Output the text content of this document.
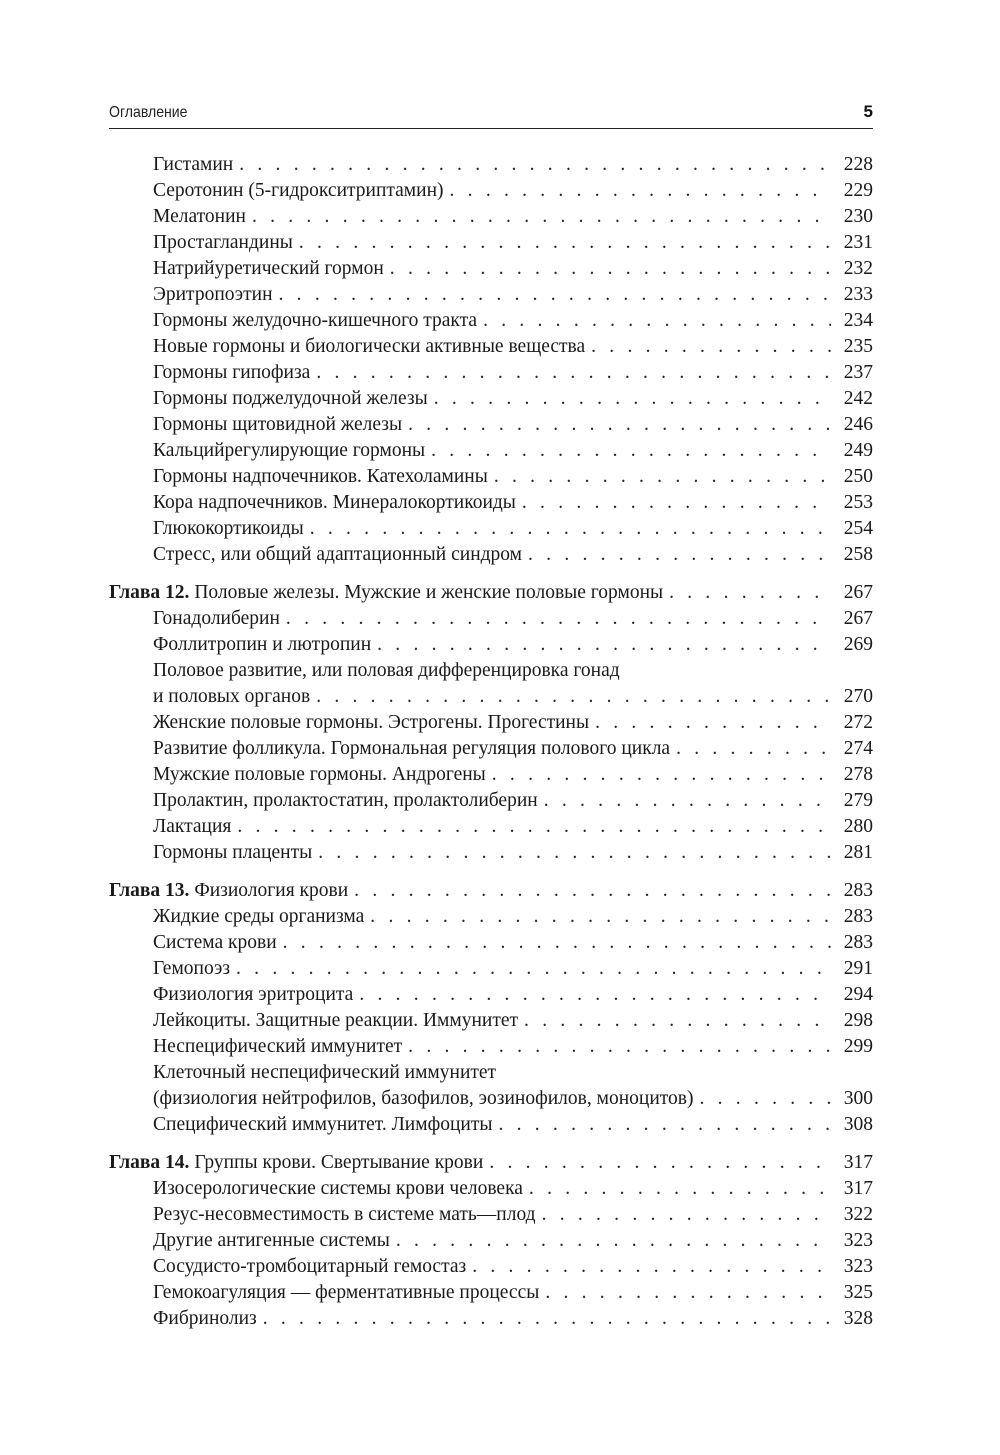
Оглавление	5
Гистамин . . .	228
Серотонин (5-гидрокситриптамин) . . .	229
Мелатонин . . .	230
Простагландины . . .	231
Натрийуретический гормон . . .	232
Эритропоэтин . . .	233
Гормоны желудочно-кишечного тракта . . .	234
Новые гормоны и биологически активные вещества . . .	235
Гормоны гипофиза . . .	237
Гормоны поджелудочной железы . . .	242
Гормоны щитовидной железы . . .	246
Кальцийрегулирующие гормоны . . .	249
Гормоны надпочечников. Катехоламины . . .	250
Кора надпочечников. Минералокортикоиды . . .	253
Глюкокортикоиды . . .	254
Стресс, или общий адаптационный синдром . . .	258
Глава 12. Половые железы. Мужские и женские половые гормоны . . .	267
Гонадолиберин . . .	267
Фоллитропин и лютропин . . .	269
Половое развитие, или половая дифференцировка гонад
и половых органов . . .	270
Женские половые гормоны. Эстрогены. Прогестины . . .	272
Развитие фолликула. Гормональная регуляция полового цикла . . .	274
Мужские половые гормоны. Андрогены . . .	278
Пролактин, пролактостатин, пролактолиберин . . .	279
Лактация . . .	280
Гормоны плаценты . . .	281
Глава 13. Физиология крови . . .	283
Жидкие среды организма . . .	283
Система крови . . .	283
Гемопоэз . . .	291
Физиология эритроцита . . .	294
Лейкоциты. Защитные реакции. Иммунитет . . .	298
Неспецифический иммунитет . . .	299
Клеточный неспецифический иммунитет
(физиология нейтрофилов, базофилов, эозинофилов, моноцитов) . . .	300
Специфический иммунитет. Лимфоциты . . .	308
Глава 14. Группы крови. Свертывание крови . . .	317
Изосерологические системы крови человека . . .	317
Резус-несовместимость в системе мать—плод . . .	322
Другие антигенные системы . . .	323
Сосудисто-тромбоцитарный гемостаз . . .	323
Гемокоагуляция — ферментативные процессы . . .	325
Фибринолиз . . .	328
